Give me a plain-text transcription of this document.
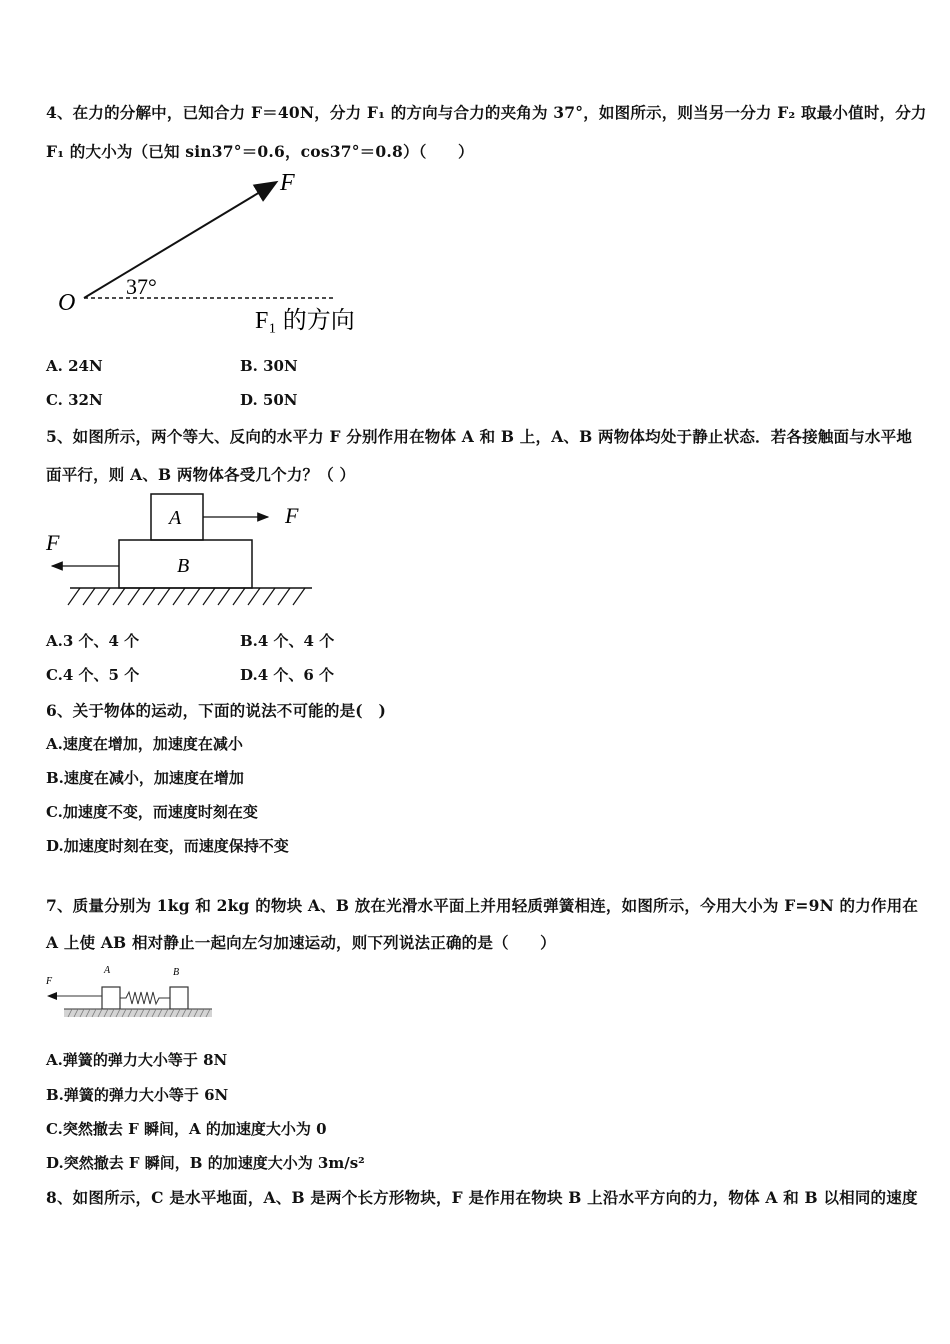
4、在力的分解中，已知合力 F＝40N，分力 F₁ 的方向与合力的夹角为 37°，如图所示，则当另一分力 F₂ 取最小值时，分力
F₁ 的大小为（已知 sin37°＝0.6，cos37°＝0.8）（　　）
F
O
37°
F₁ 的方向
A. 24N	B. 30N
C. 32N	D. 50N
5、如图所示，两个等大、反向的水平力 F 分别作用在物体 A 和 B 上，A、B 两物体均处于静止状态．若各接触面与水平地
面平行，则 A、B 两物体各受几个力？（ ）
A
B
F
F
A.3 个、4 个	B.4 个、4 个
C.4 个、5 个	D.4 个、6 个
6、关于物体的运动，下面的说法不可能的是(　)
A.速度在增加，加速度在减小
B.速度在减小，加速度在增加
C.加速度不变，而速度时刻在变
D.加速度时刻在变，而速度保持不变
7、质量分别为 1kg 和 2kg 的物块 A、B 放在光滑水平面上并用轻质弹簧相连，如图所示，今用大小为 F=9N 的力作用在
A 上使 AB 相对静止一起向左匀加速运动，则下列说法正确的是（　　）
F
A	B
A.弹簧的弹力大小等于 8N
B.弹簧的弹力大小等于 6N
C.突然撤去 F 瞬间，A 的加速度大小为 0
D.突然撤去 F 瞬间，B 的加速度大小为 3m/s²
8、如图所示，C 是水平地面，A、B 是两个长方形物块，F 是作用在物块 B 上沿水平方向的力，物体 A 和 B 以相同的速度
